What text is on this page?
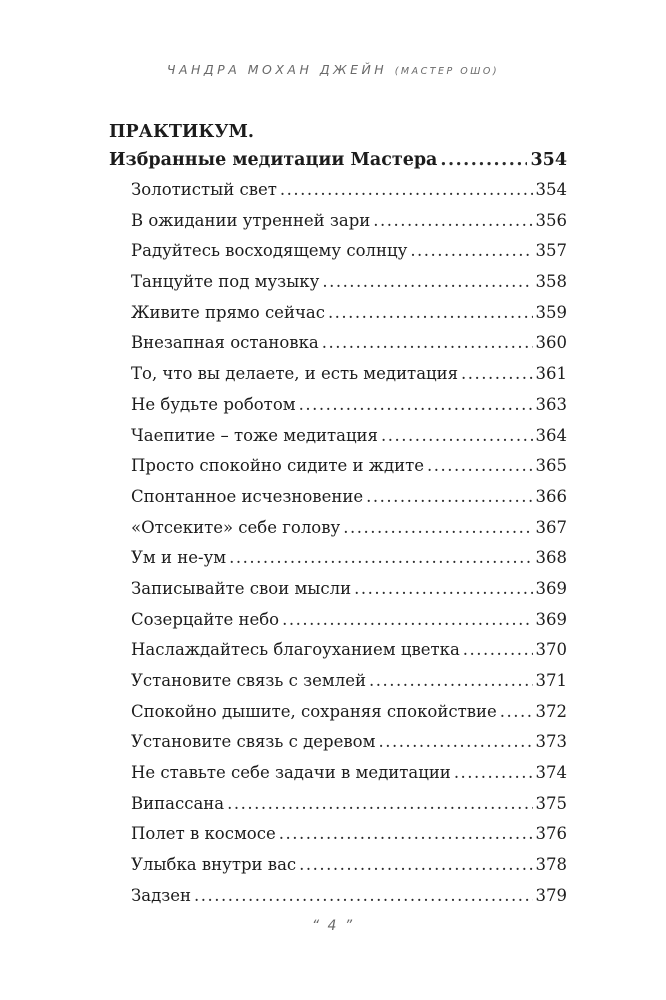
ЧАНДРА МОХАН ДЖЕЙН (МАСТЕР ОШО)
ПРАКТИКУМ.
Избранные медитации Мастера .....	354
Золотистый свет .....	354
В ожидании утренней зари .....	356
Радуйтесь восходящему солнцу .....	357
Танцуйте под музыку .....	358
Живите прямо сейчас .....	359
Внезапная остановка .....	360
То, что вы делаете, и есть медитация .....	361
Не будьте роботом .....	363
Чаепитие – тоже медитация .....	364
Просто спокойно сидите и ждите .....	365
Спонтанное исчезновение .....	366
«Отсеките» себе голову .....	367
Ум и не-ум .....	368
Записывайте свои мысли .....	369
Созерцайте небо .....	369
Наслаждайтесь благоуханием цветка .....	370
Установите связь с землей .....	371
Спокойно дышите, сохраняя спокойствие ..... 372
Установите связь с деревом .....	373
Не ставьте себе задачи в медитации .....	374
Випассана .....	375
Полет в космосе .....	376
Улыбка внутри вас .....	378
Задзен .....	379
“ 4 ”
